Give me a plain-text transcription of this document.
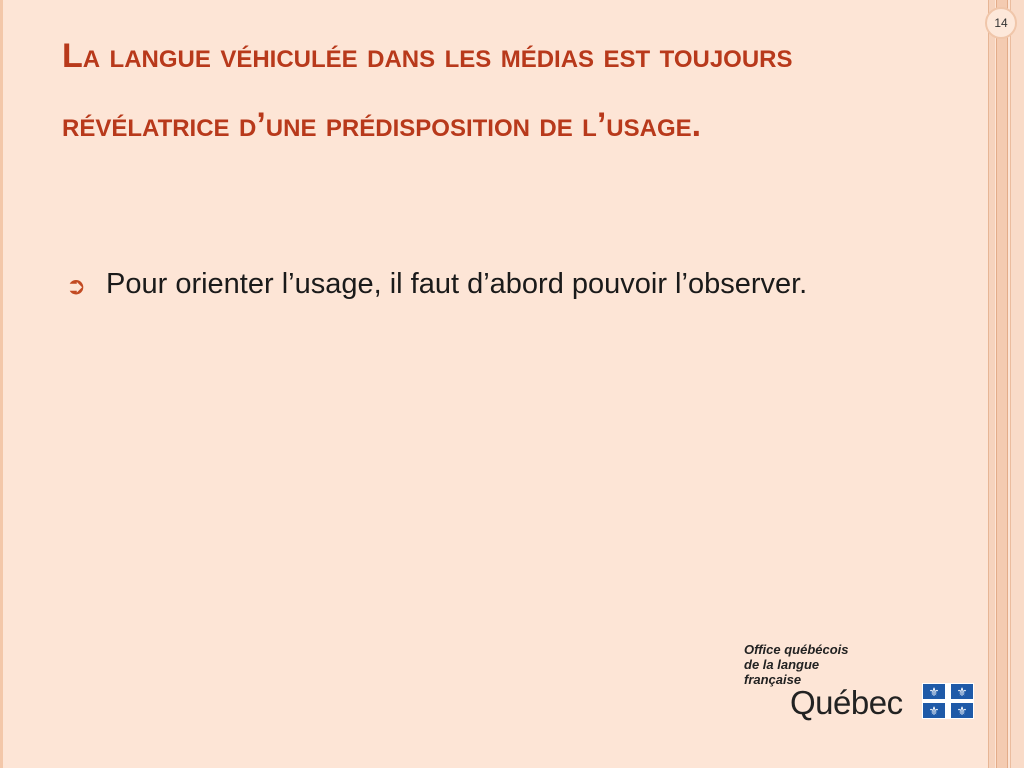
14
La langue véhiculée dans les médias est toujours révélatrice d’une prédisposition de l’usage.
➲ Pour orienter l’usage, il faut d’abord pouvoir l’observer.
Office québécois
de la langue
française
Québec ⚜ ⚜
⚜ ⚜
